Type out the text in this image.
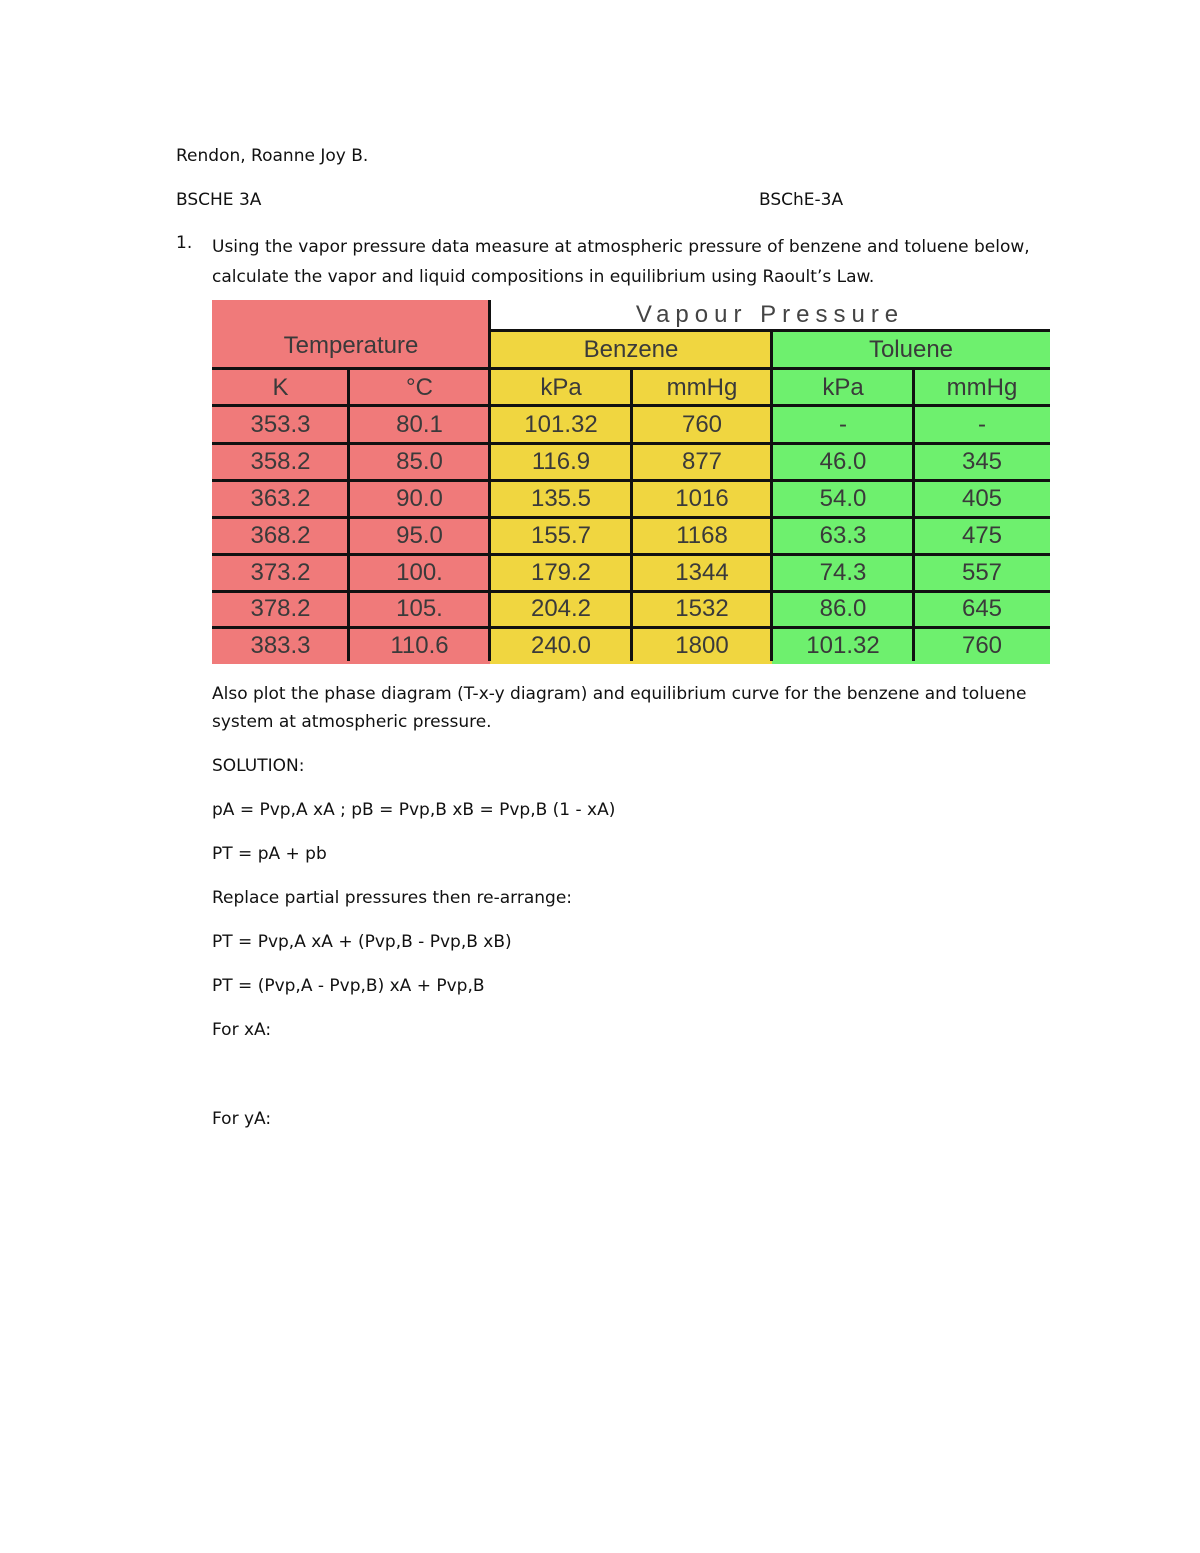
Rendon, Roanne Joy B.
BSCHE 3A	BSChE-3A
1. Using the vapor pressure data measure at atmospheric pressure of benzene and toluene below,
calculate the vapor and liquid compositions in equilibrium using Raoult’s Law.
Vapour Pressure
Temperature	Benzene	Toluene
K	°C	kPa	mmHg	kPa	mmHg
353.3	80.1	101.32	760	-	-
358.2	85.0	116.9	877	46.0	345
363.2	90.0	135.5	1016	54.0	405
368.2	95.0	155.7	1168	63.3	475
373.2	100.	179.2	1344	74.3	557
378.2	105.	204.2	1532	86.0	645
383.3	110.6	240.0	1800	101.32	760
Also plot the phase diagram (T-x-y diagram) and equilibrium curve for the benzene and toluene
system at atmospheric pressure.
SOLUTION:
pA = Pvp,A xA ; pB = Pvp,B xB = Pvp,B (1 - xA)
PT = pA + pb
Replace partial pressures then re-arrange:
PT = Pvp,A xA + (Pvp,B - Pvp,B xB)
PT = (Pvp,A - Pvp,B) xA + Pvp,B
For xA:
For yA:
